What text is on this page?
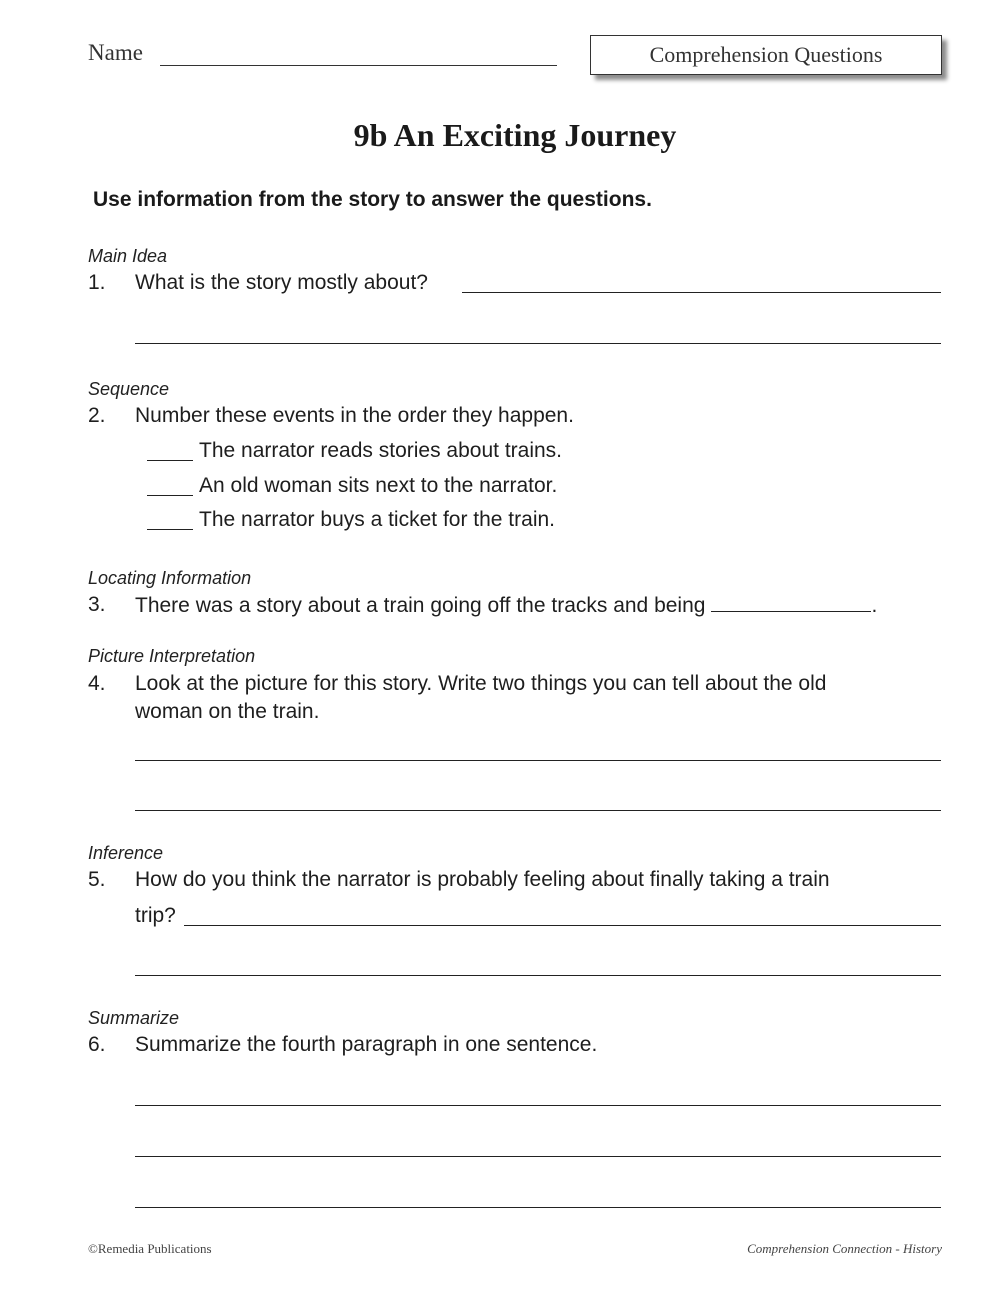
Name	Comprehension Questions
9b An Exciting Journey
Use information from the story to answer the questions.
Main Idea
1. What is the story mostly about?
Sequence
2. Number these events in the order they happen.
The narrator reads stories about trains.
An old woman sits next to the narrator.
The narrator buys a ticket for the train.
Locating Information
3. There was a story about a train going off the tracks and being	.
Picture Interpretation
4. Look at the picture for this story. Write two things you can tell about the old
woman on the train.
Inference
5. How do you think the narrator is probably feeling about finally taking a train
trip?
Summarize
6. Summarize the fourth paragraph in one sentence.
©Remedia Publications	Comprehension Connection - History
